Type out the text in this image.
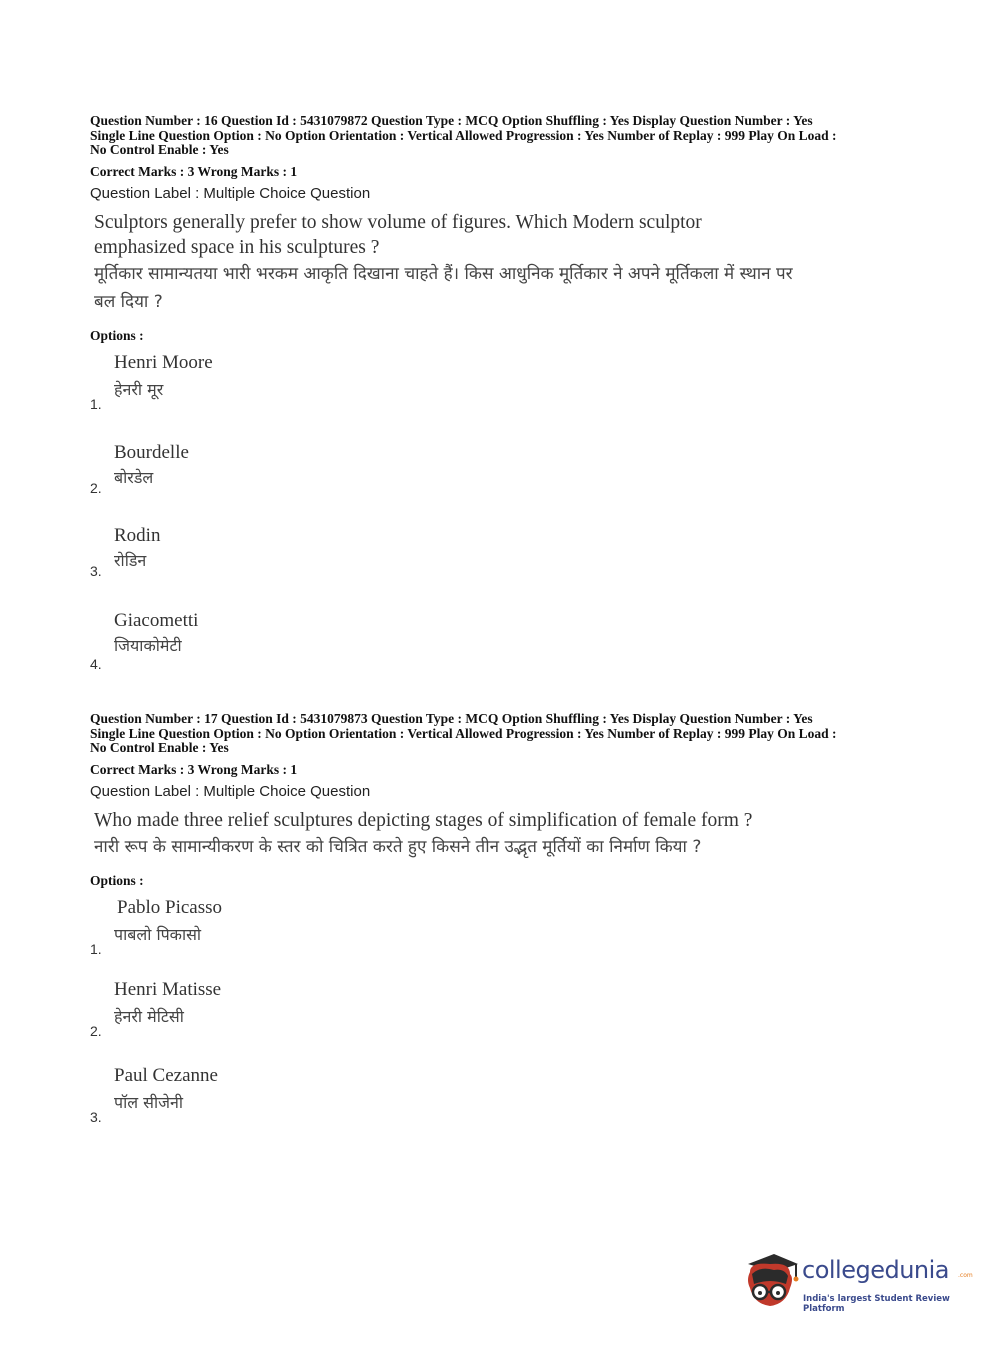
Question Number : 16 Question Id : 5431079872 Question Type : MCQ Option Shuffling : Yes Display Question Number : Yes
Single Line Question Option : No Option Orientation : Vertical Allowed Progression : Yes Number of Replay : 999 Play On Load :
No Control Enable : Yes
Correct Marks : 3 Wrong Marks : 1
Question Label : Multiple Choice Question
Sculptors generally prefer to show volume of figures. Which Modern sculptor emphasized space in his sculptures ?
मूर्तिकार सामान्यतया भारी भरकम आकृति दिखाना चाहते हैं। किस आधुनिक मूर्तिकार ने अपने मूर्तिकला में स्थान पर बल दिया ?
Options :
Henri Moore
हेनरी मूर
1.
Bourdelle
बोरडेल
2.
Rodin
रोडिन
3.
Giacometti
जियाकोमेटी
4.
Question Number : 17 Question Id : 5431079873 Question Type : MCQ Option Shuffling : Yes Display Question Number : Yes
Single Line Question Option : No Option Orientation : Vertical Allowed Progression : Yes Number of Replay : 999 Play On Load :
No Control Enable : Yes
Correct Marks : 3 Wrong Marks : 1
Question Label : Multiple Choice Question
Who made three relief sculptures depicting stages of simplification of female form ?
नारी रूप के सामान्यीकरण के स्तर को चित्रित करते हुए किसने तीन उद्भृत मूर्तियों का निर्माण किया ?
Options :
Pablo Picasso
पाबलो पिकासो
1.
Henri Matisse
हेनरी मेटिसी
2.
Paul Cezanne
पॉल सीजेनी
3.
collegedunia .com
India's largest Student Review Platform
